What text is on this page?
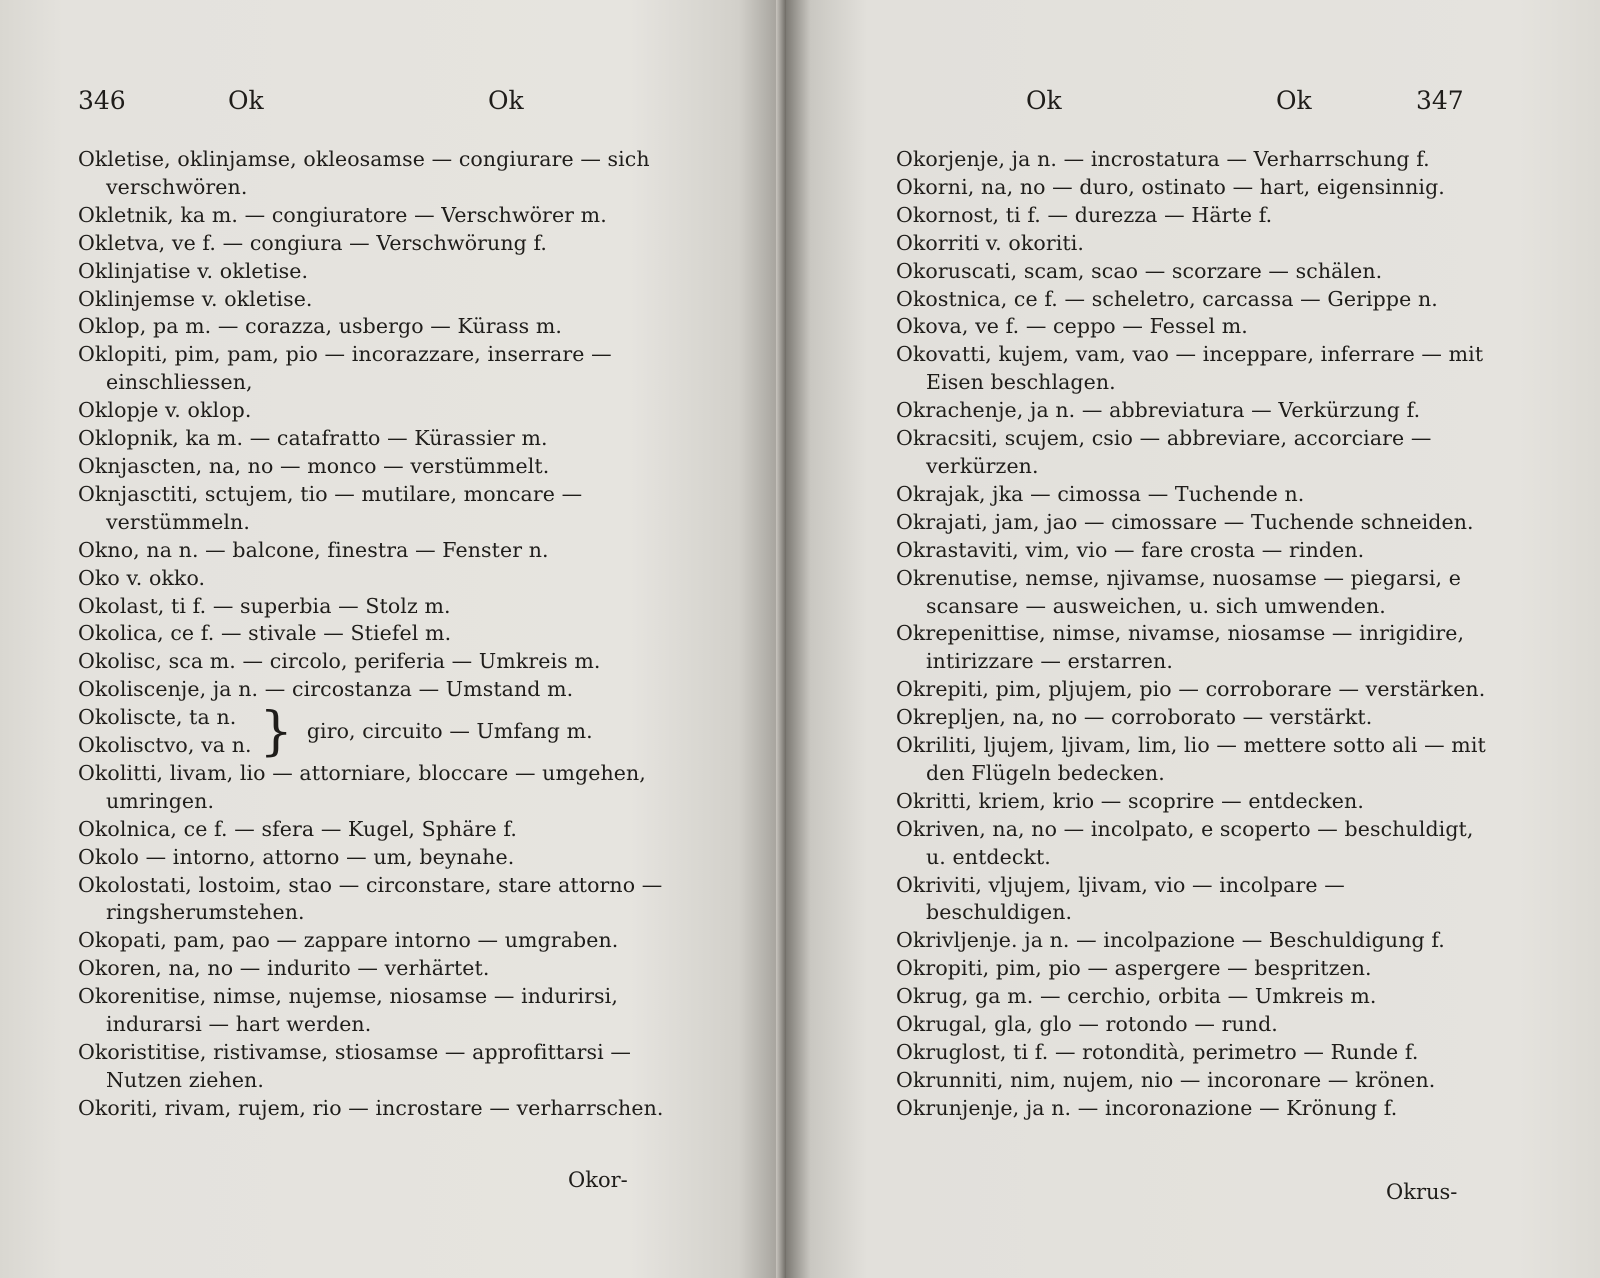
346	Ok	Ok

Okletise, oklinjamse, okleosamse — congiurare — sich verschwören.

Okletnik, ka m. — congiuratore — Verschwörer m.

Okletva, ve f. — congiura — Verschwörung f.

Oklinjatise v. okletise.

Oklinjemse v. okletise.

Oklop, pa m. — corazza, usbergo — Kürass m.

Oklopiti, pim, pam, pio — incorazzare, inserrare — einschliessen,

Oklopje v. oklop.

Oklopnik, ka m. — catafratto — Kürassier m.

Oknjascten, na, no — monco — verstümmelt.

Oknjasctiti, sctujem, tio — mutilare, moncare — verstümmeln.

Okno, na n. — balcone, finestra — Fenster n.

Oko v. okko.

Okolast, ti f. — superbia — Stolz m.

Okolica, ce f. — stivale — Stiefel m.

Okolisc, sca m. — circolo, periferia — Umkreis m.

Okoliscenje, ja n. — circostanza — Umstand m.

Okoliscte, ta n.
Okolisctvo, va n. } giro, circuito — Umfang m.

Okolitti, livam, lio — attorniare, bloccare — umgehen, umringen.

Okolnica, ce f. — sfera — Kugel, Sphäre f.

Okolo — intorno, attorno — um, beynahe.

Okolostati, lostoim, stao — circonstare, stare attorno — ringsherumstehen.

Okopati, pam, pao — zappare intorno — umgraben.

Okoren, na, no — indurito — verhärtet.

Okorenitise, nimse, nujemse, niosamse — indurirsi, indurarsi — hart werden.

Okoristitise, ristivamse, stiosamse — approfittarsi — Nutzen ziehen.

Okoriti, rivam, rujem, rio — incrostare — verharrschen.

Okor-
Ok	Ok	347

Okorjenje, ja n. — incrostatura — Verharrschung f.

Okorni, na, no — duro, ostinato — hart, eigensinnig.

Okornost, ti f. — durezza — Härte f.

Okorriti v. okoriti.

Okoruscati, scam, scao — scorzare — schälen.

Okostnica, ce f. — scheletro, carcassa — Gerippe n.

Okova, ve f. — ceppo — Fessel m.

Okovatti, kujem, vam, vao — inceppare, inferrare — mit Eisen beschlagen.

Okrachenje, ja n. — abbreviatura — Verkürzung f.

Okracsiti, scujem, csio — abbreviare, accorciare — verkürzen.

Okrajak, jka — cimossa — Tuchende n.

Okrajati, jam, jao — cimossare — Tuchende schneiden.

Okrastaviti, vim, vio — fare crosta — rinden.

Okrenutise, nemse, njivamse, nuosamse — piegarsi, e scansare — ausweichen, u. sich umwenden.

Okrepenittise, nimse, nivamse, niosamse — inrigidire, intirizzare — erstarren.

Okrepiti, pim, pljujem, pio — corroborare — verstärken.

Okrepljen, na, no — corroborato — verstärkt.

Okriliti, ljujem, ljivam, lim, lio — mettere sotto ali — mit den Flügeln bedecken.

Okritti, kriem, krio — scoprire — entdecken.

Okriven, na, no — incolpato, e scoperto — beschuldigt, u. entdeckt.

Okriviti, vljujem, ljivam, vio — incolpare — beschuldigen.

Okrivljenje. ja n. — incolpazione — Beschuldigung f.

Okropiti, pim, pio — aspergere — bespritzen.

Okrug, ga m. — cerchio, orbita — Umkreis m.

Okrugal, gla, glo — rotondo — rund.

Okruglost, ti f. — rotondità, perimetro — Runde f.

Okrunniti, nim, nujem, nio — incoronare — krönen.

Okrunjenje, ja n. — incoronazione — Krönung f.

Okrus-
